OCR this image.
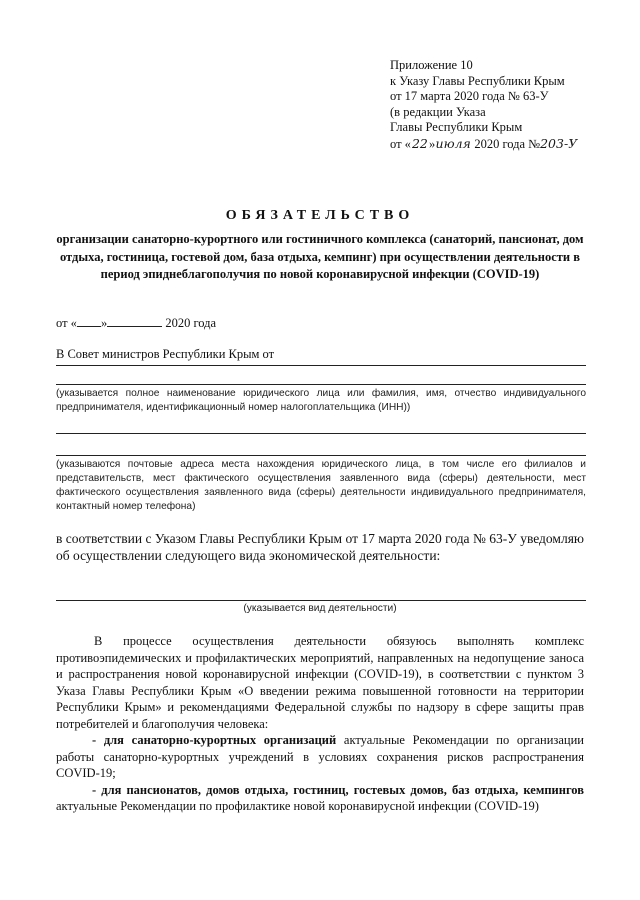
Приложение 10
к Указу Главы Республики Крым
от 17 марта 2020 года № 63-У
(в редакции Указа
Главы Республики Крым
от «22»июля 2020 года №203-У
ОБЯЗАТЕЛЬСТВО
организации санаторно-курортного или гостиничного комплекса (санаторий, пансионат, дом отдыха, гостиница, гостевой дом, база отдыха, кемпинг) при осуществлении деятельности в период эпиднеблагополучия по новой коронавирусной инфекции (COVID-19)
от « »	2020 года
В Совет министров Республики Крым от
(указывается полное наименование юридического лица или фамилия, имя, отчество индивидуального предпринимателя, идентификационный номер налогоплательщика (ИНН))
(указываются почтовые адреса места нахождения юридического лица, в том числе его филиалов и представительств, мест фактического осуществления заявленного вида (сферы) деятельности, мест фактического осуществления заявленного вида (сферы) деятельности индивидуального предпринимателя, контактный номер телефона)
в соответствии с Указом Главы Республики Крым от 17 марта 2020 года № 63-У уведомляю об осуществлении следующего вида экономической деятельности:
(указывается вид деятельности)

В процессе осуществления деятельности обязуюсь выполнять комплекс противоэпидемических и профилактических мероприятий, направленных на недопущение заноса и распространения новой коронавирусной инфекции (COVID-19), в соответствии с пунктом 3 Указа Главы Республики Крым «О введении режима повышенной готовности на территории Республики Крым» и рекомендациями Федеральной службы по надзору в сфере защиты прав потребителей и благополучия человека:

- для санаторно-курортных организаций актуальные Рекомендации по организации работы санаторно-курортных учреждений в условиях сохранения рисков распространения COVID-19;

- для пансионатов, домов отдыха, гостиниц, гостевых домов, баз отдыха, кемпингов актуальные Рекомендации по профилактике новой коронавирусной инфекции (COVID-19)
